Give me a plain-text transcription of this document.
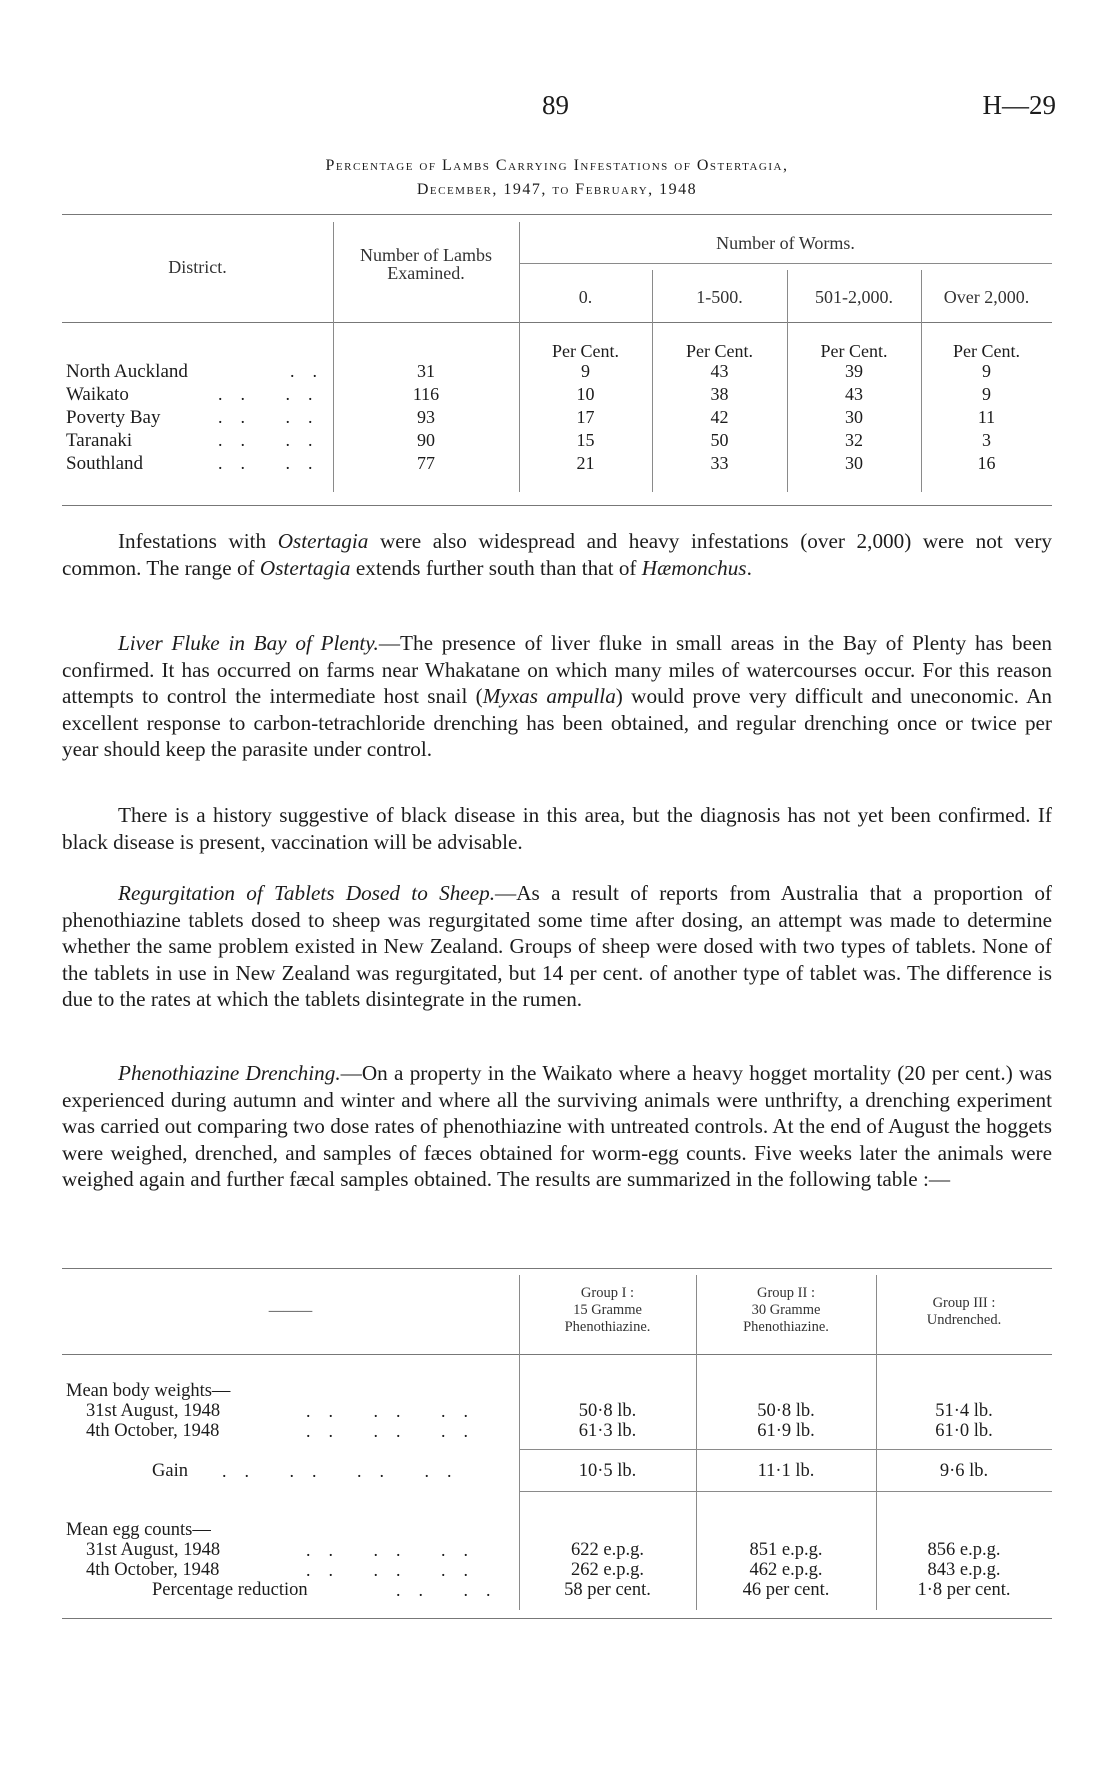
89	H—29
Percentage of Lambs Carrying Infestations of Ostertagia,
December, 1947, to February, 1948
District.
Number of Lambs
Examined.
Number of Worms.
0.	1-500.	501-2,000.	Over 2,000.
Per Cent.	Per Cent.	Per Cent.	Per Cent.
North Auckland	..	31	9	43	39	9
Waikato	.. ..	116	10	38	43	9
Poverty Bay	.. ..	93	17	42	30	11
Taranaki	.. ..	90	15	50	32	3
Southland	.. ..	77	21	33	30	16

Infestations with Ostertagia were also widespread and heavy infestations (over 2,000) were not very common. The range of Ostertagia extends further south than that of Hæmonchus.

Liver Fluke in Bay of Plenty.—The presence of liver fluke in small areas in the Bay of Plenty has been confirmed. It has occurred on farms near Whakatane on which many miles of watercourses occur. For this reason attempts to control the intermediate host snail (Myxas ampulla) would prove very difficult and uneconomic. An excellent response to carbon-tetrachloride drenching has been obtained, and regular drenching once or twice per year should keep the parasite under control.

There is a history suggestive of black disease in this area, but the diagnosis has not yet been confirmed. If black disease is present, vaccination will be advisable.

Regurgitation of Tablets Dosed to Sheep.—As a result of reports from Australia that a proportion of phenothiazine tablets dosed to sheep was regurgitated some time after dosing, an attempt was made to determine whether the same problem existed in New Zealand. Groups of sheep were dosed with two types of tablets. None of the tablets in use in New Zealand was regurgitated, but 14 per cent. of another type of tablet was. The difference is due to the rates at which the tablets disintegrate in the rumen.

Phenothiazine Drenching.—On a property in the Waikato where a heavy hogget mortality (20 per cent.) was experienced during autumn and winter and where all the surviving animals were unthrifty, a drenching experiment was carried out comparing two dose rates of phenothiazine with untreated controls. At the end of August the hoggets were weighed, drenched, and samples of fæces obtained for worm-egg counts. Five weeks later the animals were weighed again and further fæcal samples obtained. The results are summarized in the following table :—

———
Group I :
15 Gramme
Phenothiazine.
Group II :
30 Gramme
Phenothiazine.
Group III :
Undrenched.
Mean body weights—
31st August, 1948	.. .. ..	50·8 lb.	50·8 lb.	51·4 lb.
4th October, 1948	.. .. ..	61·3 lb.	61·9 lb.	61·0 lb.
Gain .. .. .. ..	10·5 lb.	11·1 lb.	9·6 lb.
Mean egg counts—
31st August, 1948	.. .. ..	622 e.p.g.	851 e.p.g.	856 e.p.g.
4th October, 1948	.. .. ..	262 e.p.g.	462 e.p.g.	843 e.p.g.
Percentage reduction	.. ..	58 per cent.	46 per cent.	1·8 per cent.
